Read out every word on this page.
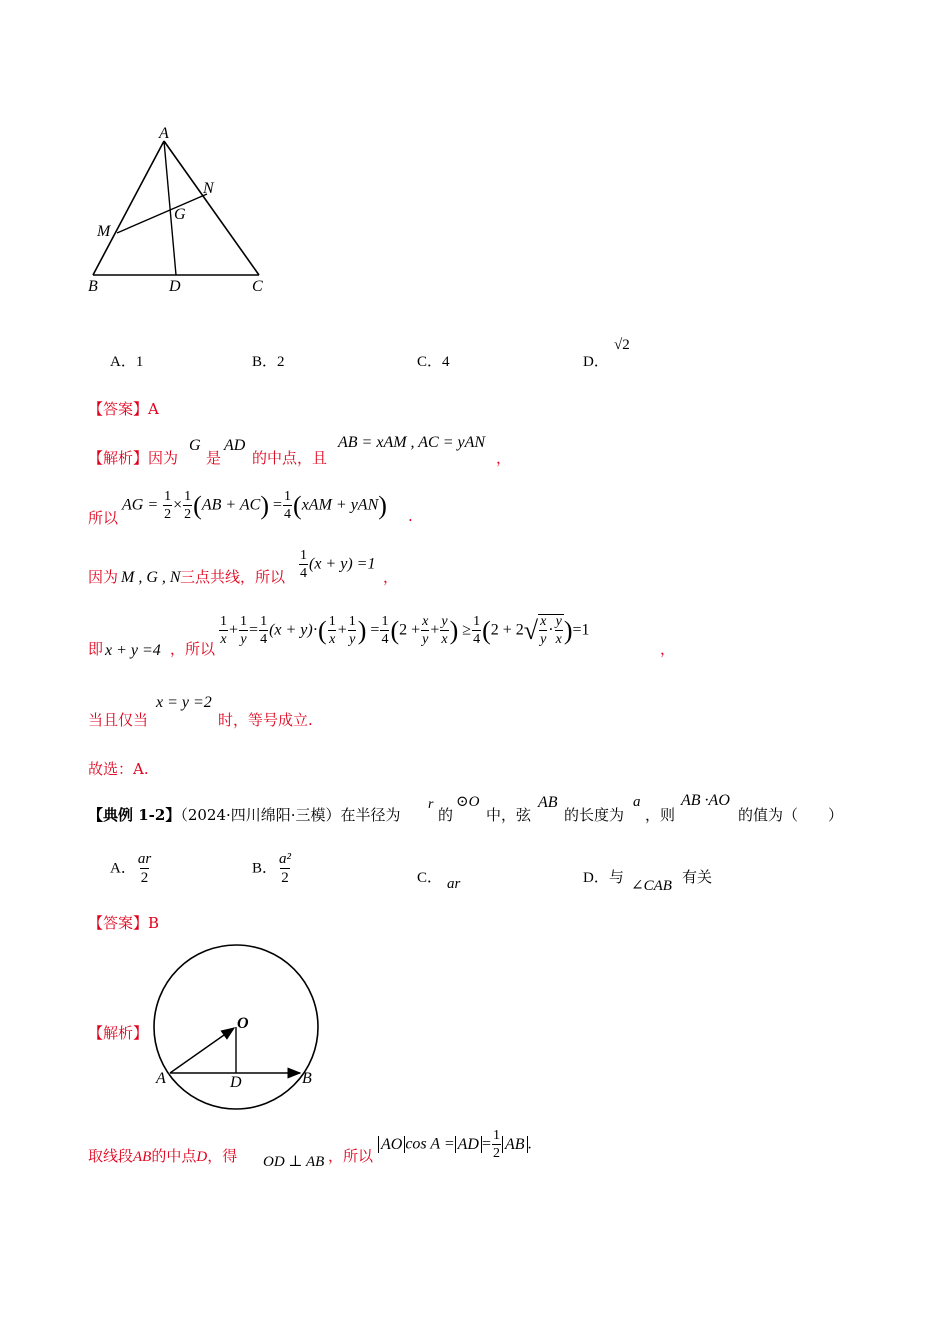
A
N
G
M
B	D	C
A．1	B．2	C．4	D．
√2
【答案】A
【解析】因为
G
是
AD
的中点，且
AB = xAM , AC = yAN
，
所以
AG = $\frac{1}{2} \times \frac{1}{2} (AB + AC) = \frac{1}{4} (xAM + yAN)$ .
因为 M , G , N 三点共线，所以 $\frac{1}{4} (x + y) =1$
，
即 x + y =4 ，所以
$\frac{1}{x} + \frac{1}{y} = \frac{1}{4} (x + y)\cdot( \frac{1}{x} + \frac{1}{y}$ ) = $\frac{1}{4} (2 + \frac{x}{y} + \frac{y}{x}$ ) ≥ $\frac{1}{4} (2 + 2√ \frac{x}{y} \cdot \frac{y}{x} )=1$
，
x = y =2
当且仅当	时，等号成立.
故选：A.
【典例 1-2】（2024·四川绵阳·三模）在半径为
r
的
⊙O
中，弦
AB
的长度为
a
，则
AB ·AO
的值为（　　）
A． $\frac{ar}{2}$	B． $\frac{\text{a²}}{2}$	C． ar	D．与 ∠CAB 有关
【答案】B
【解析】
O
A	D	B
取线段AB的中点D，得 OD ⊥ AB ，所以
AO cos A = AD = $\frac{1}{2}$ AB .
